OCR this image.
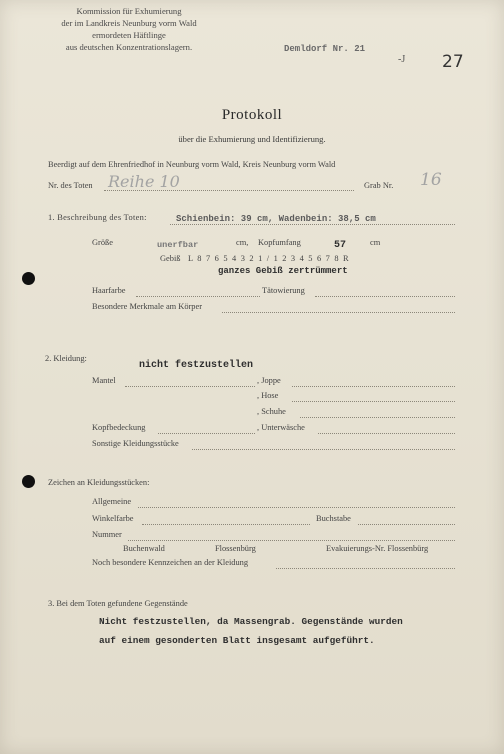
Kommission für Exhumierung
der im Landkreis Neunburg vorm Wald
ermordeten Häftlinge
aus deutschen Konzentrationslagern.	Demldorf Nr. 21
-J 27
Protokoll
über die Exhumierung und Identifizierung.
Beerdigt auf dem Ehrenfriedhof in Neunburg vorm Wald, Kreis Neunburg vorm Wald
Nr. des Toten Reihe 10	Grab Nr. 16
1. Beschreibung des Toten:	Schienbein: 39 cm, Wadenbein: 38,5 cm
Größe	unerfbar	cm, Kopfumfang	57	cm
Gebiß L 8 7 6 5 4 3 2 1 / 1 2 3 4 5 6 7 8 R
ganzes Gebiß zertrümmert
Haarfarbe	Tätowierung
Besondere Merkmale am Körper
2. Kleidung:
nicht festzustellen
Mantel	, Joppe
, Hose
, Schuhe
Kopfbedeckung	, Unterwäsche
Sonstige Kleidungsstücke
Zeichen an Kleidungsstücken:
Allgemeine
Winkelfarbe	Buchstabe
Nummer
Buchenwald	Flossenbürg	Evakuierungs-Nr. Flossenbürg
Noch besondere Kennzeichen an der Kleidung
3. Bei dem Toten gefundene Gegenstände
Nicht festzustellen, da Massengrab. Gegenstände wurden
auf einem gesonderten Blatt insgesamt aufgeführt.
